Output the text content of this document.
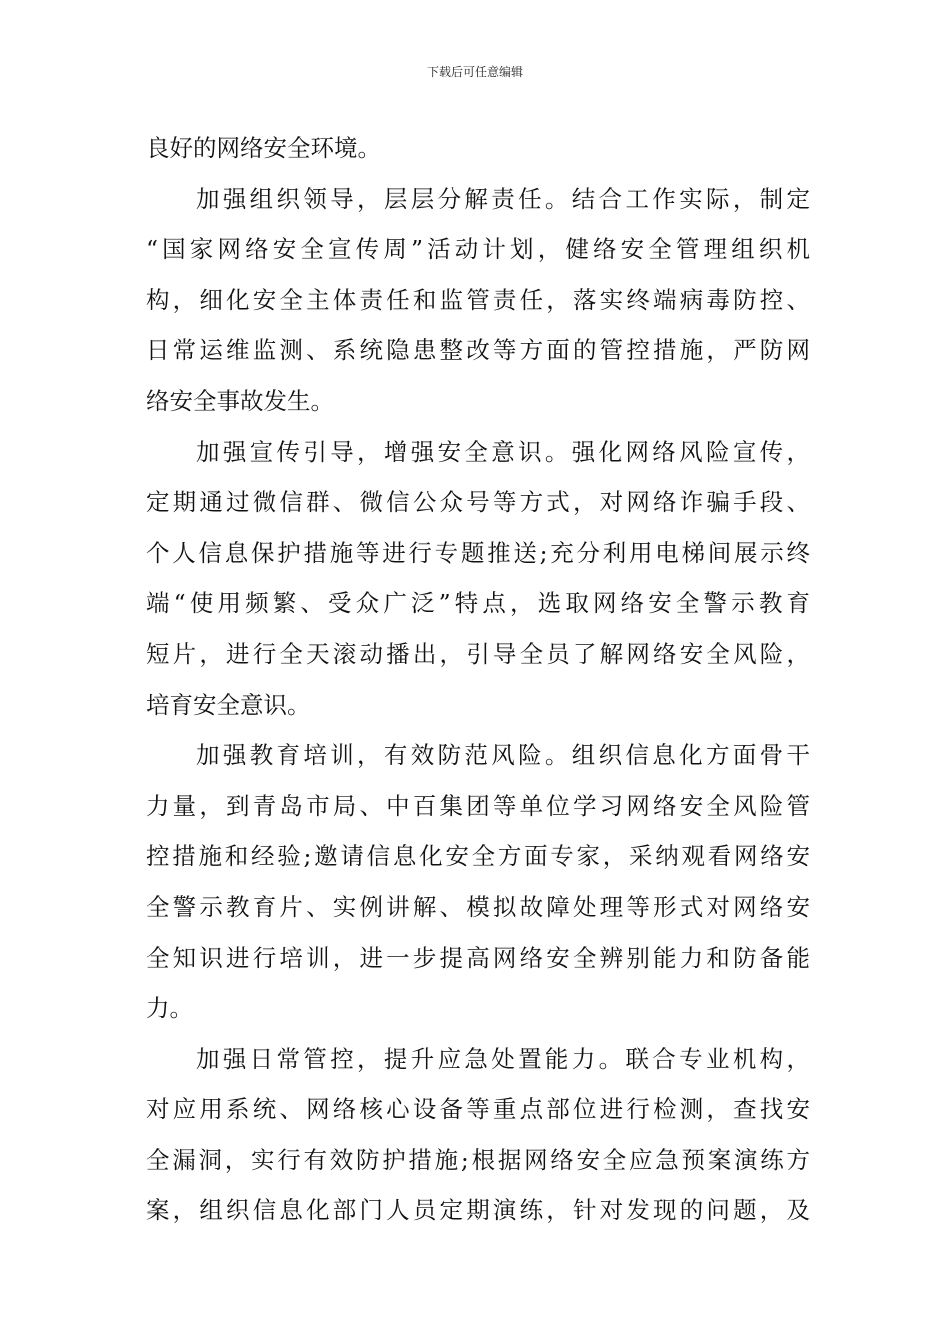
下载后可任意编辑
良好的网络安全环境。
加强组织领导，层层分解责任。结合工作实际，制定
“国家网络安全宣传周”活动计划，健络安全管理组织机
构，细化安全主体责任和监管责任，落实终端病毒防控、
日常运维监测、系统隐患整改等方面的管控措施，严防网
络安全事故发生。
加强宣传引导，增强安全意识。强化网络风险宣传，
定期通过微信群、微信公众号等方式，对网络诈骗手段、
个人信息保护措施等进行专题推送;充分利用电梯间展示终
端“使用频繁、受众广泛”特点，选取网络安全警示教育
短片，进行全天滚动播出，引导全员了解网络安全风险，
培育安全意识。
加强教育培训，有效防范风险。组织信息化方面骨干
力量，到青岛市局、中百集团等单位学习网络安全风险管
控措施和经验;邀请信息化安全方面专家，采纳观看网络安
全警示教育片、实例讲解、模拟故障处理等形式对网络安
全知识进行培训，进一步提高网络安全辨别能力和防备能
力。
加强日常管控，提升应急处置能力。联合专业机构，
对应用系统、网络核心设备等重点部位进行检测，查找安
全漏洞，实行有效防护措施;根据网络安全应急预案演练方
案，组织信息化部门人员定期演练，针对发现的问题，及
